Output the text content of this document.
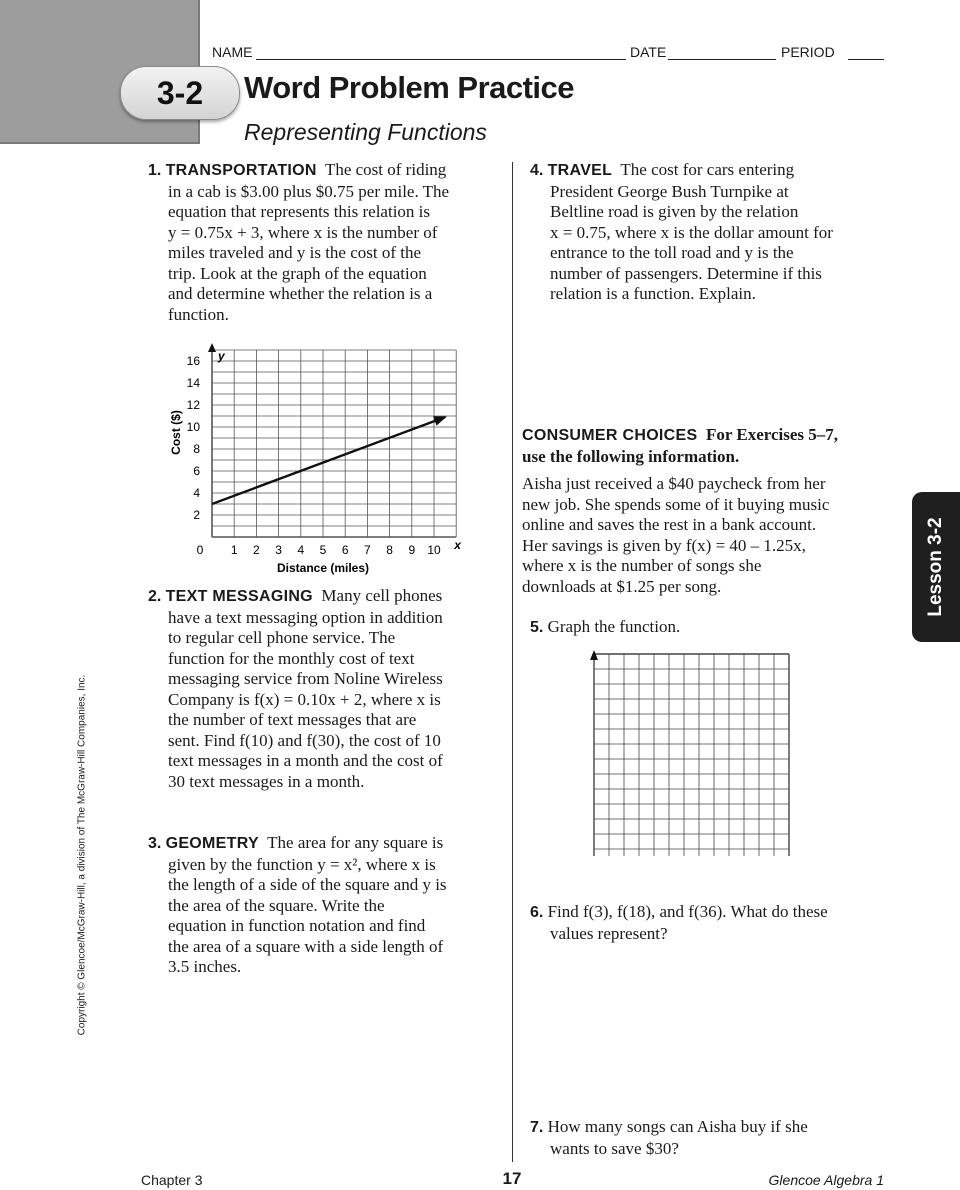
3-2
NAME	DATE	PERIOD
Word Problem Practice
Representing Functions
1. TRANSPORTATION The cost of riding
in a cab is $3.00 plus $0.75 per mile. The
equation that represents this relation is
y = 0.75x + 3, where x is the number of
miles traveled and y is the cost of the
trip. Look at the graph of the equation
and determine whether the relation is a
function.
0 1 2 3 4 5 6 7 8 9 10
2
4
6
8
10
12
14
16
x
y
Distance (miles)
Cost ($)
2. TEXT MESSAGING Many cell phones
have a text messaging option in addition
to regular cell phone service. The
function for the monthly cost of text
messaging service from Noline Wireless
Company is f(x) = 0.10x + 2, where x is
the number of text messages that are
sent. Find f(10) and f(30), the cost of 10
text messages in a month and the cost of
30 text messages in a month.
3. GEOMETRY The area for any square is
given by the function y = x², where x is
the length of a side of the square and y is
the area of the square. Write the
equation in function notation and find
the area of a square with a side length of
3.5 inches.
4. TRAVEL The cost for cars entering
President George Bush Turnpike at
Beltline road is given by the relation
x = 0.75, where x is the dollar amount for
entrance to the toll road and y is the
number of passengers. Determine if this
relation is a function. Explain.
CONSUMER CHOICES For Exercises 5–7,
use the following information.
Aisha just received a $40 paycheck from her
new job. She spends some of it buying music
online and saves the rest in a bank account.
Her savings is given by f(x) = 40 – 1.25x,
where x is the number of songs she
downloads at $1.25 per song.
5. Graph the function.
6. Find f(3), f(18), and f(36). What do these
values represent?
7. How many songs can Aisha buy if she
wants to save $30?
Lesson 3-2
Copyright © Glencoe/McGraw-Hill, a division of The McGraw-Hill Companies, Inc.
Chapter 3	17	Glencoe Algebra 1
